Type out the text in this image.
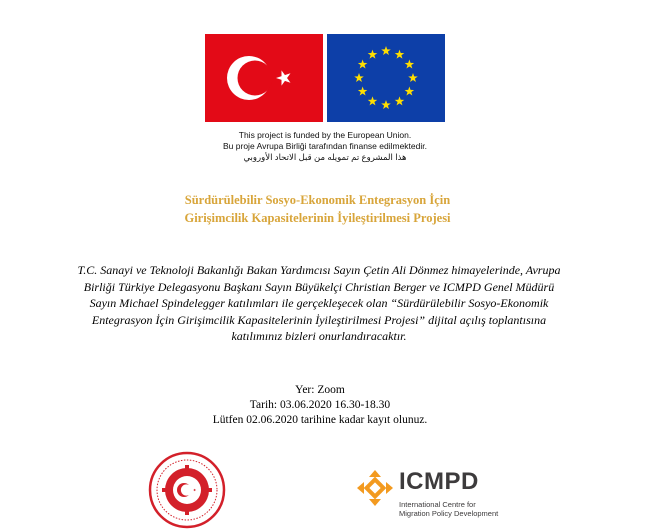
This project is funded by the European Union.
Bu proje Avrupa Birliği tarafından finanse edilmektedir.
هذا المشروع تم تمويله من قبل الاتحاد الأوروبي
Sürdürülebilir Sosyo-Ekonomik Entegrasyon İçin
Girişimcilik Kapasitelerinin İyileştirilmesi Projesi
T.C. Sanayi ve Teknoloji Bakanlığı Bakan Yardımcısı Sayın Çetin Ali Dönmez himayelerinde, Avrupa
Birliği Türkiye Delegasyonu Başkanı Sayın Büyükelçi Christian Berger ve ICMPD Genel Müdürü
Sayın Michael Spindelegger katılımları ile gerçekleşecek olan “Sürdürülebilir Sosyo-Ekonomik
Entegrasyon İçin Girişimcilik Kapasitelerinin İyileştirilmesi Projesi” dijital açılış toplantısına
katılımınız bizleri onurlandıracaktır.
Yer: Zoom
Tarih: 03.06.2020 16.30-18.30
Lütfen 02.06.2020 tarihine kadar kayıt olunuz.
ICMPD
International Centre for
Migration Policy Development
